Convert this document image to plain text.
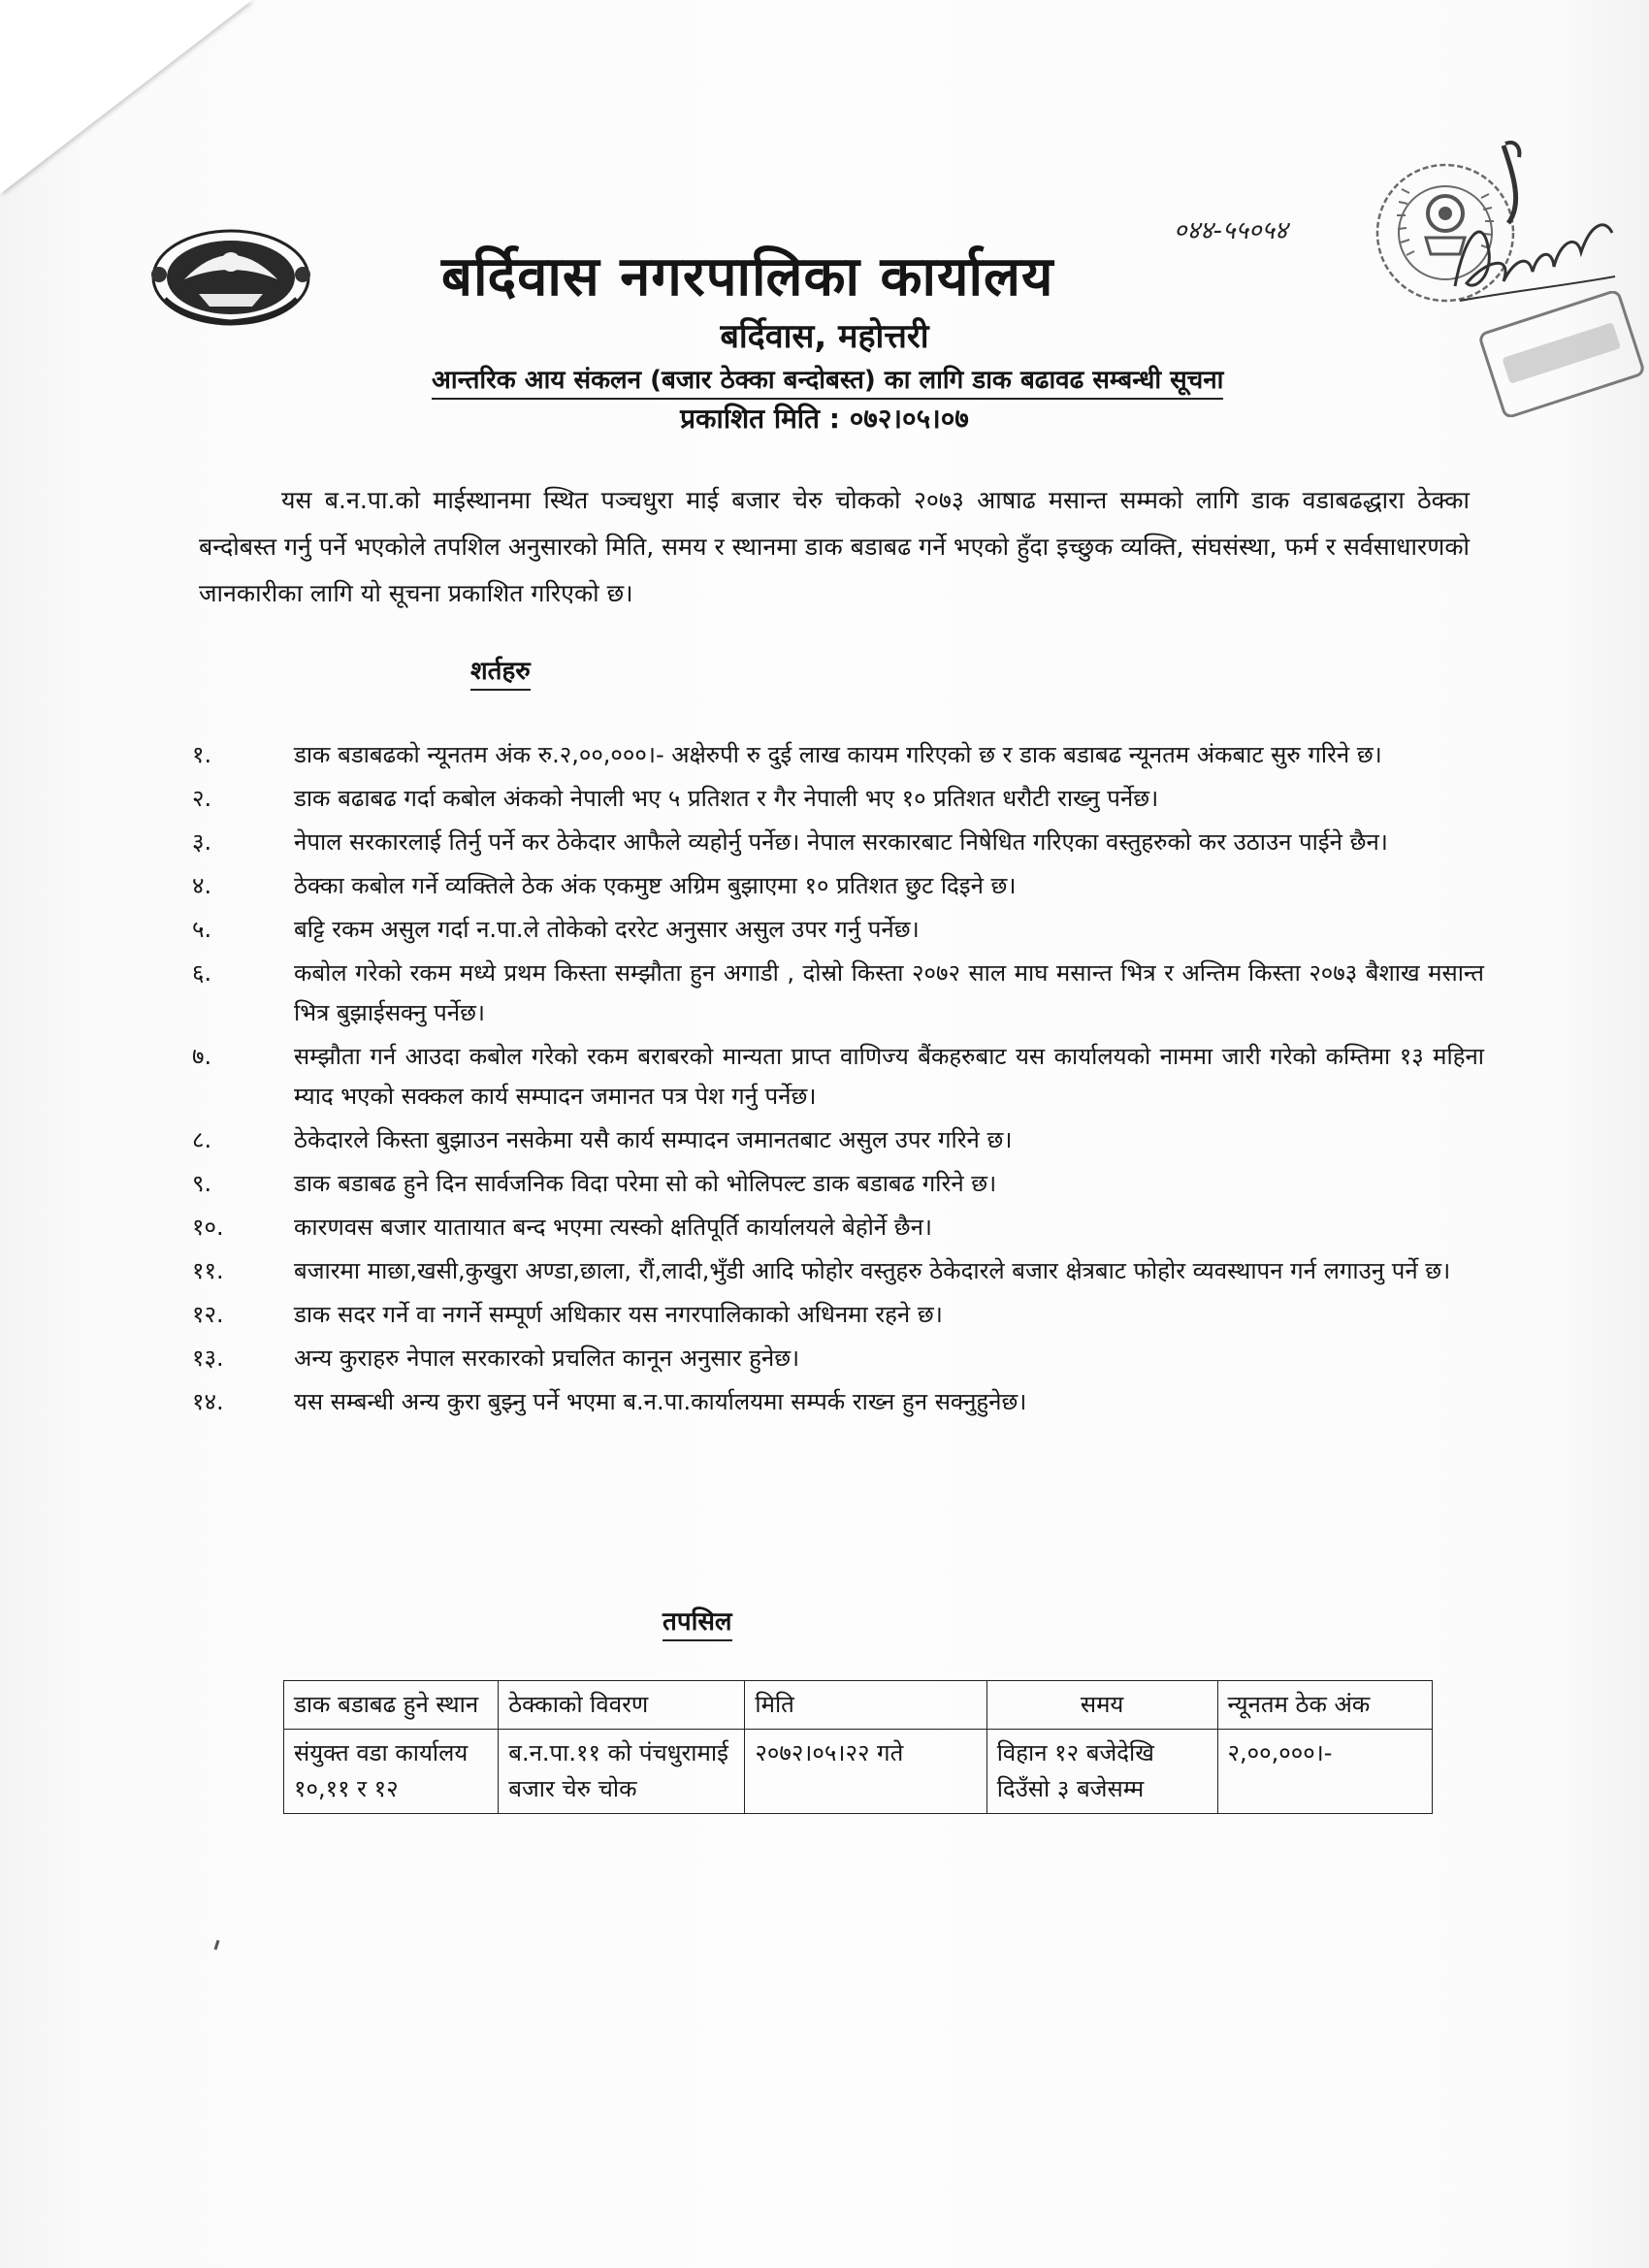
०४४-५५०५४
बर्दिवास नगरपालिका कार्यालय
बर्दिवास, महोत्तरी
आन्तरिक आय संकलन (बजार ठेक्का बन्दोबस्त) का लागि डाक बढावढ सम्बन्धी सूचना
प्रकाशित मिति : ०७२।०५।०७
यस ब.न.पा.को माईस्थानमा स्थित पञ्चधुरा माई बजार चेरु चोकको २०७३ आषाढ मसान्त सम्मको लागि डाक वडाबढद्धारा ठेक्का बन्दोबस्त गर्नु पर्ने भएकोले तपशिल अनुसारको मिति, समय र स्थानमा डाक बडाबढ गर्ने भएको हुँदा इच्छुक व्यक्ति, संघसंस्था, फर्म र सर्वसाधारणको जानकारीका लागि यो सूचना प्रकाशित गरिएको छ।
शर्तहरु
१.	डाक बडाबढको न्यूनतम अंक रु.२,००,०००।- अक्षेरुपी रु दुई लाख कायम गरिएको छ र डाक बडाबढ न्यूनतम अंकबाट सुरु गरिने छ।
२.	डाक बढाबढ गर्दा कबोल अंकको नेपाली भए ५ प्रतिशत र गैर नेपाली भए १० प्रतिशत धरौटी राख्नु पर्नेछ।
३.	नेपाल सरकारलाई तिर्नु पर्ने कर ठेकेदार आफैले व्यहोर्नु पर्नेछ। नेपाल सरकारबाट निषेधित गरिएका वस्तुहरुको कर उठाउन पाईने छैन।
४.	ठेक्का कबोल गर्ने व्यक्तिले ठेक अंक एकमुष्ट अग्रिम बुझाएमा १० प्रतिशत छुट दिइने छ।
५.	बट्टि रकम असुल गर्दा न.पा.ले तोकेको दररेट अनुसार असुल उपर गर्नु पर्नेछ।
६.	कबोल गरेको रकम मध्ये प्रथम किस्ता सम्झौता हुन अगाडी , दोस्रो किस्ता २०७२ साल माघ मसान्त भित्र र अन्तिम किस्ता २०७३ बैशाख मसान्त भित्र बुझाईसक्नु पर्नेछ।
७.	सम्झौता गर्न आउदा कबोल गरेको रकम बराबरको मान्यता प्राप्त वाणिज्य बैंकहरुबाट यस कार्यालयको नाममा जारी गरेको कम्तिमा १३ महिना म्याद भएको सक्कल कार्य सम्पादन जमानत पत्र पेश गर्नु पर्नेछ।
८.	ठेकेदारले किस्ता बुझाउन नसकेमा यसै कार्य सम्पादन जमानतबाट असुल उपर गरिने छ।
९.	डाक बडाबढ हुने दिन सार्वजनिक विदा परेमा सो को भोलिपल्ट डाक बडाबढ गरिने छ।
१०.	कारणवस बजार यातायात बन्द भएमा त्यस्को क्षतिपूर्ति कार्यालयले बेहोर्ने छैन।
११.	बजारमा माछा,खसी,कुखुरा अण्डा,छाला, रौं,लादी,भुँडी आदि फोहोर वस्तुहरु ठेकेदारले बजार क्षेत्रबाट फोहोर व्यवस्थापन गर्न लगाउनु पर्ने छ।
१२.	डाक सदर गर्ने वा नगर्ने सम्पूर्ण अधिकार यस नगरपालिकाको अधिनमा रहने छ।
१३.	अन्य कुराहरु नेपाल सरकारको प्रचलित कानून अनुसार हुनेछ।
१४.	यस सम्बन्धी अन्य कुरा बुझ्नु पर्ने भएमा ब.न.पा.कार्यालयमा सम्पर्क राख्न हुन सक्नुहुनेछ।
तपसिल
डाक बडाबढ हुने स्थान	ठेक्काको विवरण	मिति	समय	न्यूनतम ठेक अंक
संयुक्त वडा कार्यालय १०,११ र १२	ब.न.पा.११ को पंचधुरामाई बजार चेरु चोक	२०७२।०५।२२ गते	विहान १२ बजेदेखि दिउँसो ३ बजेसम्म	२,००,०००।-
